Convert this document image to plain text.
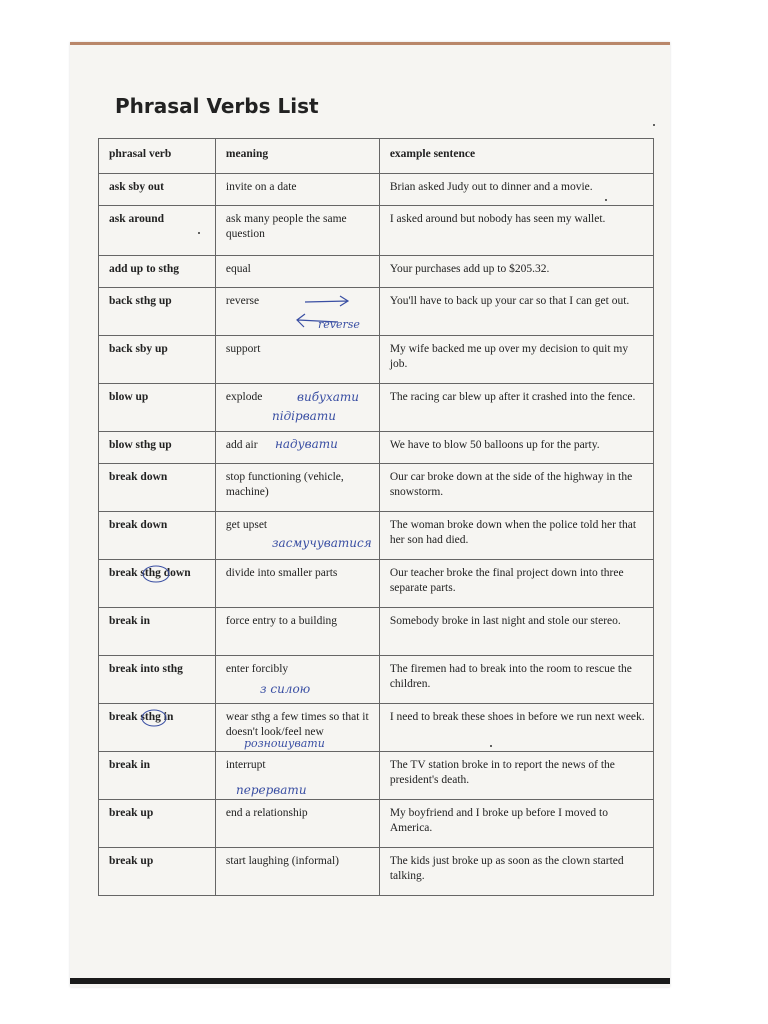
Phrasal Verbs List
phrasal verb	meaning	example sentence
ask sby out	invite on a date	Brian asked Judy out to dinner and a movie.
ask around	ask many people the same question	I asked around but nobody has seen my wallet.
add up to sthg	equal	Your purchases add up to $205.32.
back sthg up	reverse	You'll have to back up your car so that I can get out.
back sby up	support	My wife backed me up over my decision to quit my job.
blow up	explode	The racing car blew up after it crashed into the fence.
blow sthg up	add air	We have to blow 50 balloons up for the party.
break down	stop functioning (vehicle, machine)	Our car broke down at the side of the highway in the snowstorm.
break down	get upset	The woman broke down when the police told her that her son had died.
break sthg down	divide into smaller parts	Our teacher broke the final project down into three separate parts.
break in	force entry to a building	Somebody broke in last night and stole our stereo.
break into sthg	enter forcibly	The firemen had to break into the room to rescue the children.
break sthg in	wear sthg a few times so that it doesn't look/feel new	I need to break these shoes in before we run next week.
break in	interrupt	The TV station broke in to report the news of the president's death.
break up	end a relationship	My boyfriend and I broke up before I moved to America.
break up	start laughing (informal)	The kids just broke up as soon as the clown started talking.
reverse
вибухати
підірвати
надувати
засмучуватися
з силою
розношувати
перервати
